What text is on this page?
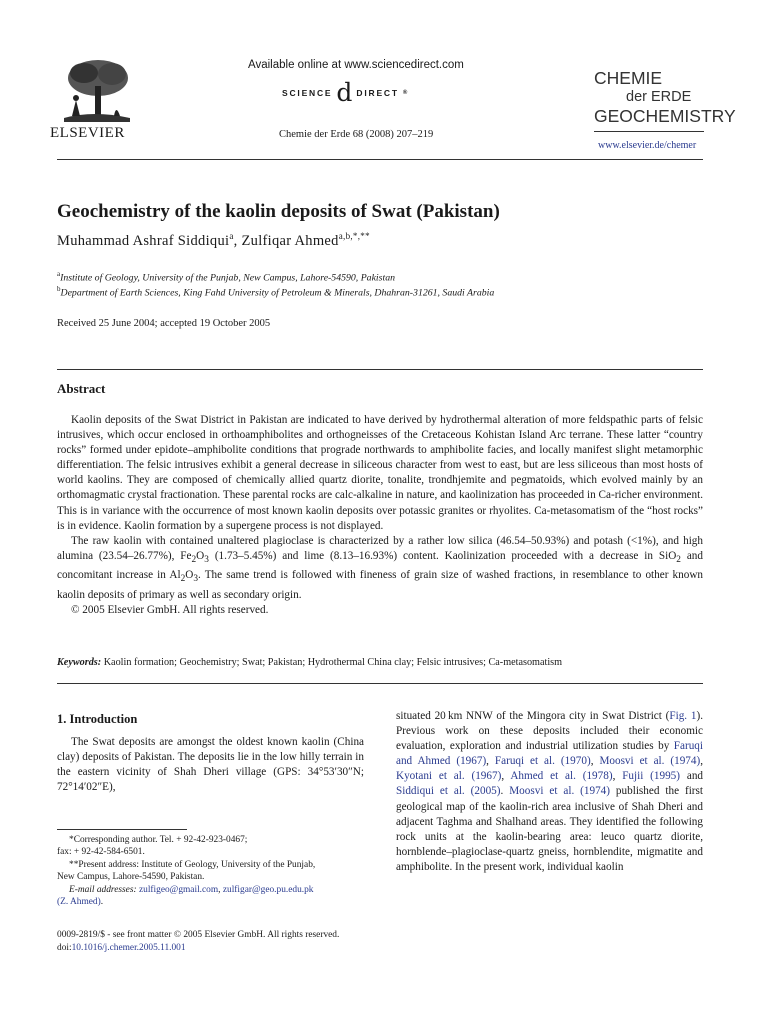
ELSEVIER
Available online at www.sciencedirect.com
SCIENCE d DIRECT ®
Chemie der Erde 68 (2008) 207–219
CHEMIE
der ERDE
GEOCHEMISTRY
www.elsevier.de/chemer
Geochemistry of the kaolin deposits of Swat (Pakistan)
Muhammad Ashraf Siddiqui$^a$, Zulfiqar Ahmed$^{a,b,*,**}$
$^a$Institute of Geology, University of the Punjab, New Campus, Lahore-54590, Pakistan
$^b$Department of Earth Sciences, King Fahd University of Petroleum & Minerals, Dhahran-31261, Saudi Arabia
Received 25 June 2004; accepted 19 October 2005
Abstract

Kaolin deposits of the Swat District in Pakistan are indicated to have derived by hydrothermal alteration of more feldspathic parts of felsic intrusives, which occur enclosed in orthoamphibolites and orthogneisses of the Cretaceous Kohistan Island Arc terrane. These latter “country rocks” formed under epidote–amphibolite conditions that prograde northwards to amphibolite facies, and locally manifest slight metamorphic differentiation. The felsic intrusives exhibit a general decrease in siliceous character from west to east, but are less siliceous than most hosts of world kaolins. They are composed of chemically allied quartz diorite, tonalite, trondhjemite and pegmatoids, which evolved mainly by an orthomagmatic crystal fractionation. These parental rocks are calc-alkaline in nature, and kaolinization has proceeded in Ca-richer environment. This is in variance with the occurrence of most known kaolin deposits over potassic granites or rhyolites. Ca-metasomatism of the “host rocks” is in evidence. Kaolin formation by a supergene process is not displayed.

The raw kaolin with contained unaltered plagioclase is characterized by a rather low silica (46.54–50.93%) and potash (<1%), and high alumina (23.54–26.77%), $Fe_2O_3$ (1.73–5.45%) and lime (8.13–16.93%) content. Kaolinization proceeded with a decrease in SiO$_2$ and concomitant increase in $Al_2O_3$. The same trend is followed with fineness of grain size of washed fractions, in resemblance to other known kaolin deposits of primary as well as secondary origin.

© 2005 Elsevier GmbH. All rights reserved.

Keywords: Kaolin formation; Geochemistry; Swat; Pakistan; Hydrothermal China clay; Felsic intrusives; Ca-metasomatism
1. Introduction

The Swat deposits are amongst the oldest known kaolin (China clay) deposits of Pakistan. The deposits lie in the low hilly terrain in the eastern vicinity of Shah Dheri village (GPS: 34°53′30″N; 72°14′02″E),

situated 20 km NNW of the Mingora city in Swat District (Fig. 1). Previous work on these deposits included their economic evaluation, exploration and industrial utilization studies by Faruqi and Ahmed (1967), Faruqi et al. (1970), Moosvi et al. (1974), Kyotani et al. (1967), Ahmed et al. (1978), Fujii (1995) and Siddiqui et al. (2005). Moosvi et al. (1974) published the first geological map of the kaolin-rich area inclusive of Shah Dheri and adjacent Taghma and Shalhand areas. They identified the following rock units at the kaolin-bearing area: leuco quartz diorite, hornblende–plagioclase-quartz gneiss, hornblendite, migmatite and amphibolite. In the present work, individual kaolin

*Corresponding author. Tel. + 92-42-923-0467;
fax: + 92-42-584-6501.
**Present address: Institute of Geology, University of the Punjab,
New Campus, Lahore-54590, Pakistan.
E-mail addresses: zulfigeo@gmail.com, zulfigar@geo.pu.edu.pk
(Z. Ahmed).
0009-2819/$ - see front matter © 2005 Elsevier GmbH. All rights reserved.
doi:10.1016/j.chemer.2005.11.001
